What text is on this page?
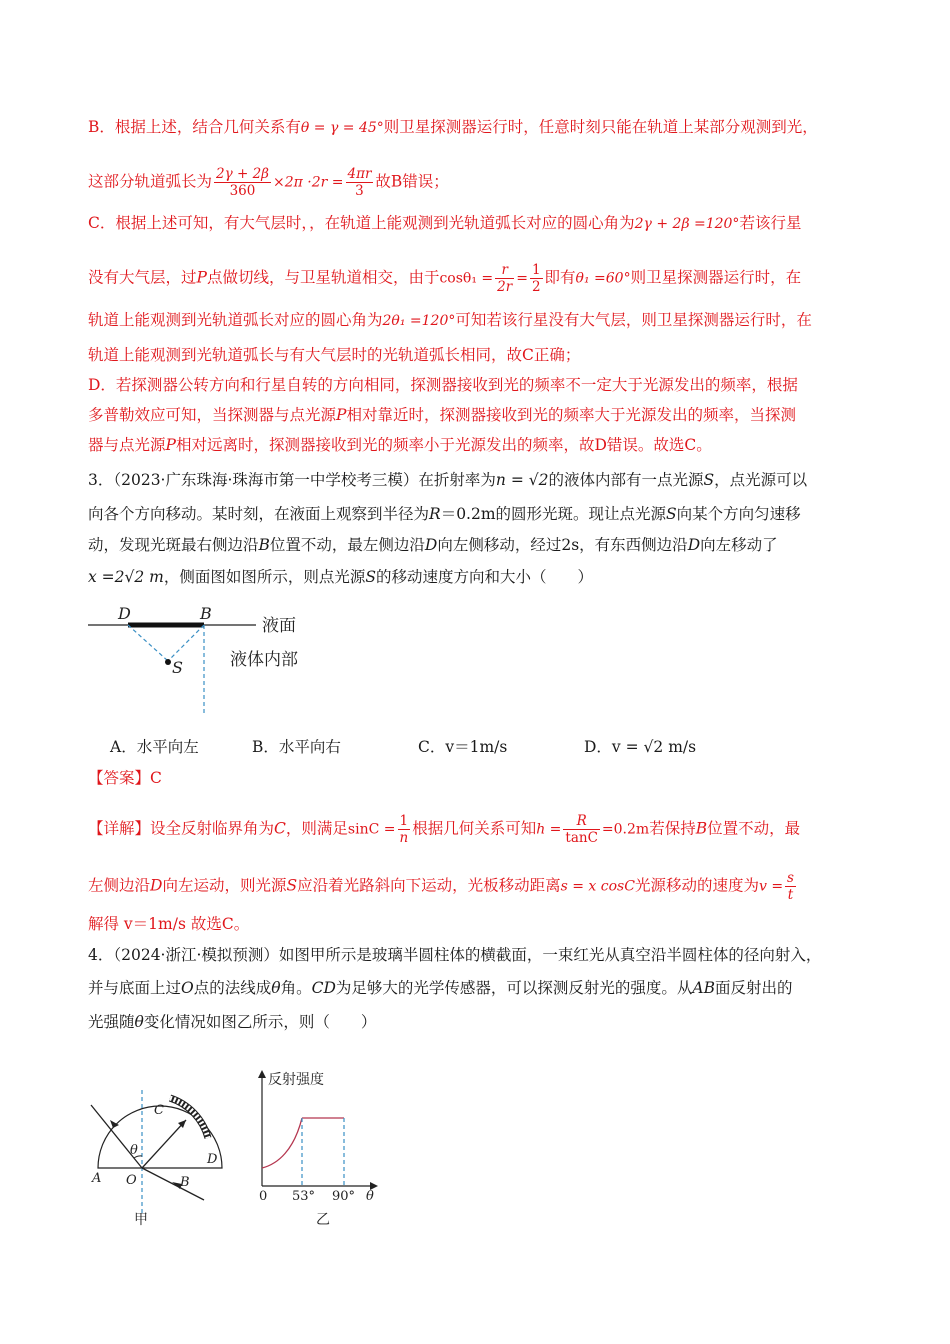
B．根据上述，结合几何关系有θ = γ = 45°则卫星探测器运行时，任意时刻只能在轨道上某部分观测到光，
这部分轨道弧长为 $\frac{2\gamma + 2\beta}{360} \times 2\pi \cdot 2r = \frac{4\pi r}{3}$ 故B错误；
C．根据上述可知，有大气层时，，在轨道上能观测到光轨道弧长对应的圆心角为2γ + 2β =120°若该行星
没有大气层，过P点做切线，与卫星轨道相交，由于$\cos\theta_1 = \frac{r}{2r} = \frac{1}{2}$ 即有θ₁ =60°则卫星探测器运行时，在
轨道上能观测到光轨道弧长对应的圆心角为2θ₁ =120°可知若该行星没有大气层，则卫星探测器运行时，在
轨道上能观测到光轨道弧长与有大气层时的光轨道弧长相同，故C正确；
D．若探测器公转方向和行星自转的方向相同，探测器接收到光的频率不一定大于光源发出的频率，根据
多普勒效应可知，当探测器与点光源P相对靠近时，探测器接收到光的频率大于光源发出的频率，当探测
器与点光源P相对远离时，探测器接收到光的频率小于光源发出的频率，故D错误。故选C。
3．（2023·广东珠海·珠海市第一中学校考三模）在折射率为n = √2的液体内部有一点光源S，点光源可以
向各个方向移动。某时刻，在液面上观察到半径为R＝0.2m的圆形光斑。现让点光源S向某个方向匀速移
动，发现光斑最右侧边沿B位置不动，最左侧边沿D向左侧移动，经过2s，有东西侧边沿D向左移动了
x =2√2 m，侧面图如图所示，则点光源S的移动速度方向和大小（　　）
D	B
S
液面
液体内部
A．水平向左	B．水平向右	C．v＝1m/s	D．v = √2 m/s
【答案】C
【详解】设全反射临界角为C，则满足$\sin C = \frac{1}{n}$ 根据几何关系可知$h = \frac{R}{\tan C} =0.2m$若保持B位置不动，最
左侧边沿D向左运动，则光源S应沿着光路斜向下运动，光板移动距离s = x cosC光源移动的速度为$v = \frac{s}{t}$
解得 v＝1m/s 故选C。
4．（2024·浙江·模拟预测）如图甲所示是玻璃半圆柱体的横截面，一束红光从真空沿半圆柱体的径向射入，
并与底面上过O点的法线成θ角。CD为足够大的光学传感器，可以探测反射光的强度。从AB面反射出的
光强随θ变化情况如图乙所示，则（　　）
A O	B
C
D
θ
甲
反射强度
0 53° 90° θ
乙
